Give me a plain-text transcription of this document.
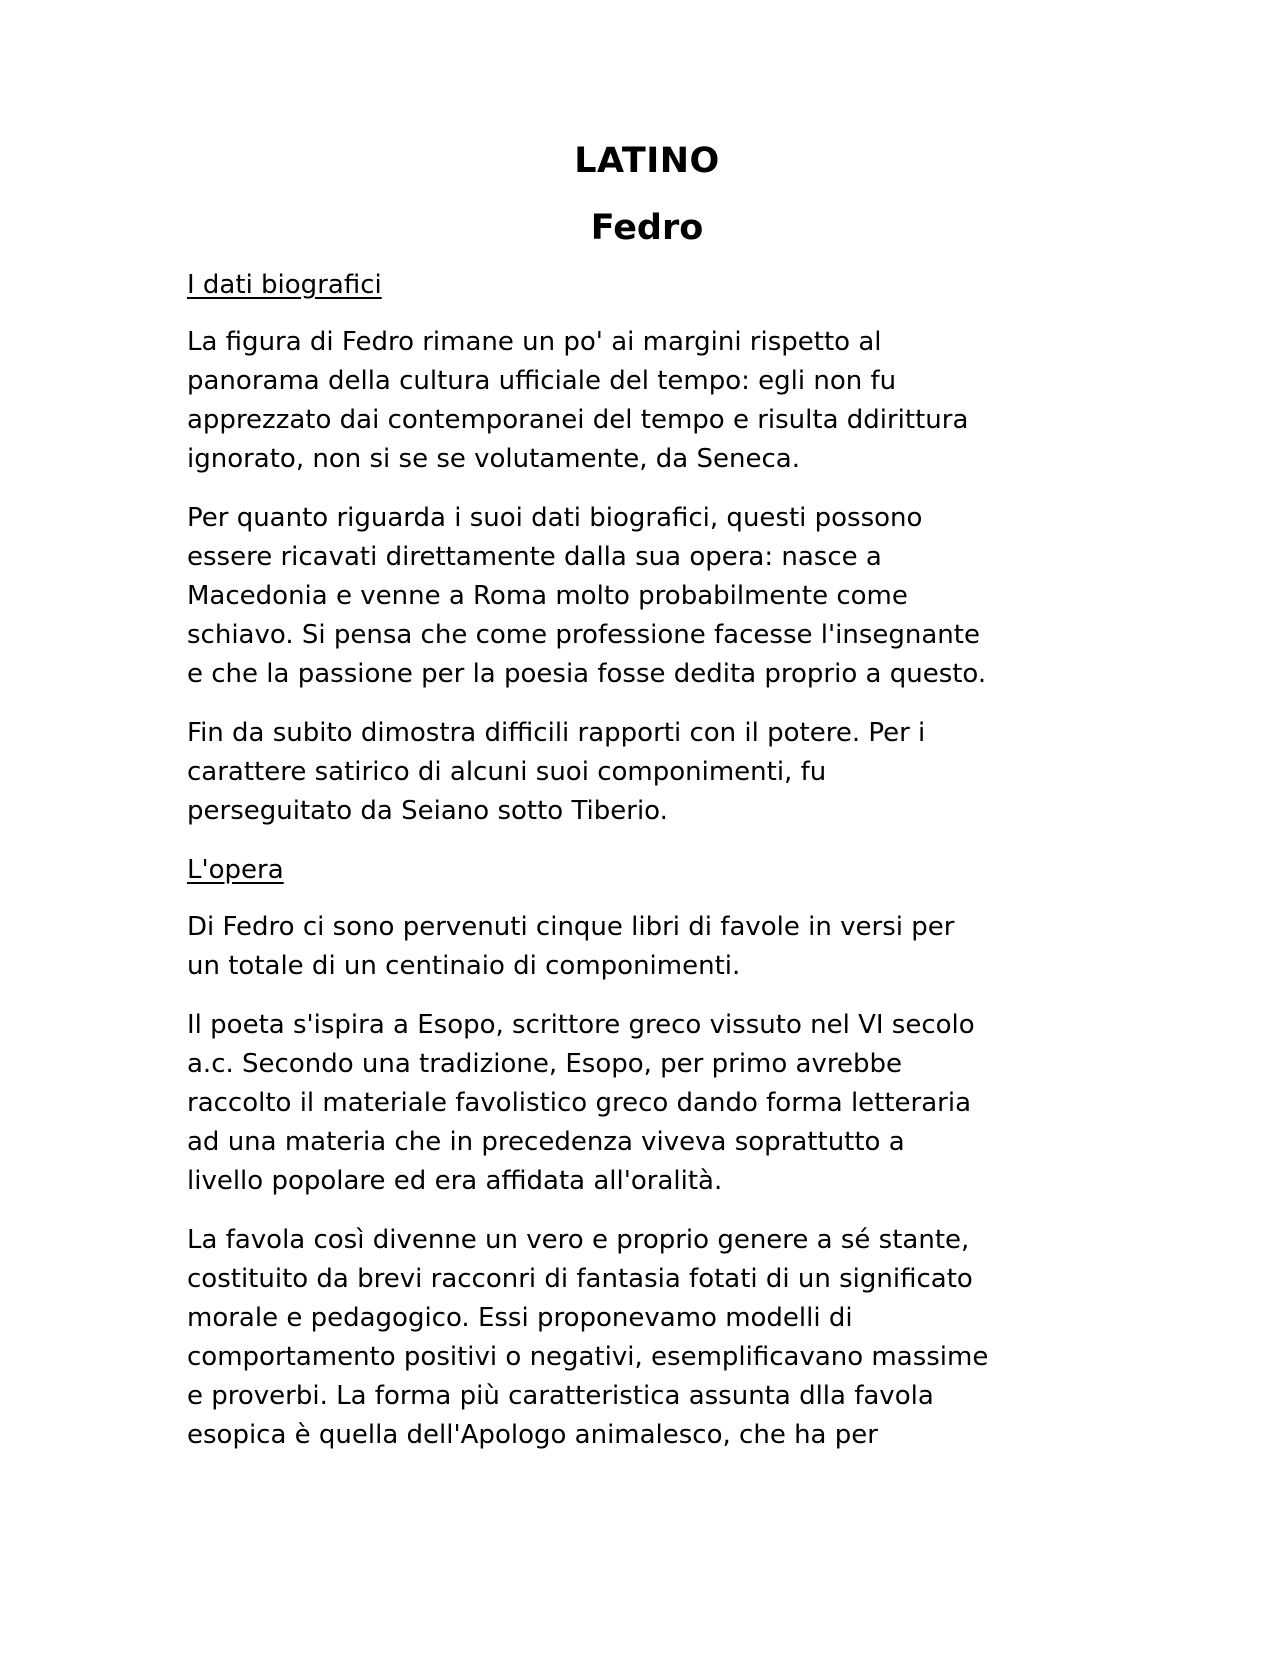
LATINO
Fedro
I dati biografici

La figura di Fedro rimane un po' ai margini rispetto al
panorama della cultura ufficiale del tempo: egli non fu
apprezzato dai contemporanei del tempo e risulta ddirittura
ignorato, non si se se volutamente, da Seneca.

Per quanto riguarda i suoi dati biografici, questi possono
essere ricavati direttamente dalla sua opera: nasce a
Macedonia e venne a Roma molto probabilmente come
schiavo. Si pensa che come professione facesse l'insegnante
e che la passione per la poesia fosse dedita proprio a questo.

Fin da subito dimostra difficili rapporti con il potere. Per i
carattere satirico di alcuni suoi componimenti, fu
perseguitato da Seiano sotto Tiberio.

L'opera

Di Fedro ci sono pervenuti cinque libri di favole in versi per
un totale di un centinaio di componimenti.

Il poeta s'ispira a Esopo, scrittore greco vissuto nel VI secolo
a.c. Secondo una tradizione, Esopo, per primo avrebbe
raccolto il materiale favolistico greco dando forma letteraria
ad una materia che in precedenza viveva soprattutto a
livello popolare ed era affidata all'oralità.

La favola così divenne un vero e proprio genere a sé stante,
costituito da brevi racconri di fantasia fotati di un significato
morale e pedagogico. Essi proponevamo modelli di
comportamento positivi o negativi, esemplificavano massime
e proverbi. La forma più caratteristica assunta dlla favola
esopica è quella dell'Apologo animalesco, che ha per
